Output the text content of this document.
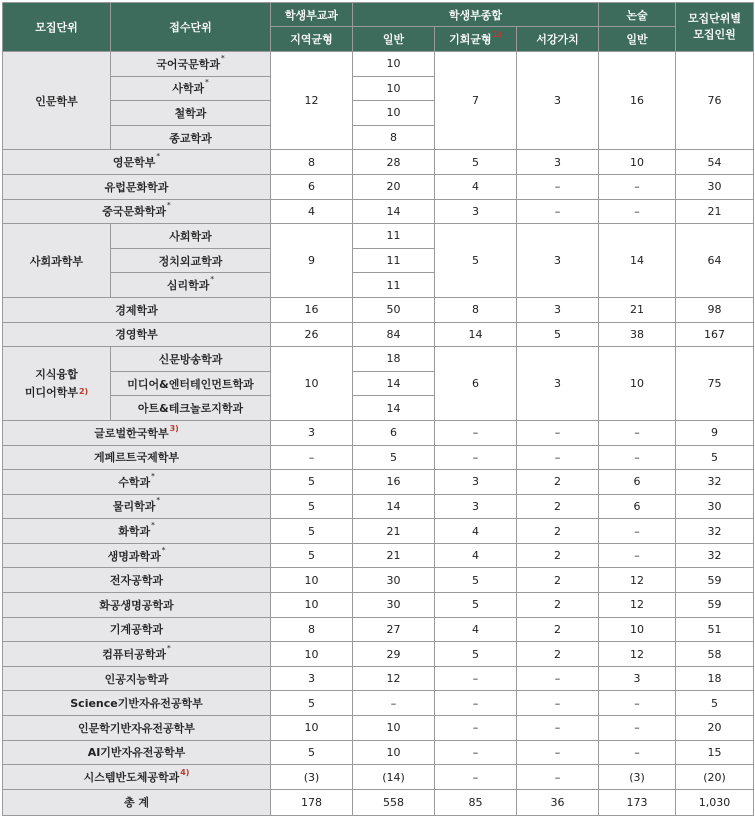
모집단위	접수단위	학생부교과	학생부종합			논술	모집단위별 모집인원
		지역균형	일반	기회균형$^{1)}$	서강가치	일반	
인문학부	국어국문학과*	12	10	7	3	16	76
	사학과*		10				
	철학과		10				
	종교학과		8				
영문학부*		8	28	5	3	10	54
유럽문화학과		6	20	4	–	–	30
중국문화학과*		4	14	3	–	–	21
사회과학부	사회학과	9	11	5	3	14	64
	정치외교학과		11				
	심리학과*		11				
경제학과		16	50	8	3	21	98
경영학부		26	84	14	5	38	167
지식융합
미디어학부$^{2)}$	신문방송학과	10	18	6	3	10	75
	미디어&엔터테인먼트학과		14				
	아트&테크놀로지학과		14				
글로벌한국학부$^{3)}$		3	6	–	–	–	9
게페르트국제학부		–	5	–	–	–	5
수학과*		5	16	3	2	6	32
물리학과*		5	14	3	2	6	30
화학과*		5	21	4	2	–	32
생명과학과*		5	21	4	2	–	32
전자공학과		10	30	5	2	12	59
화공생명공학과		10	30	5	2	12	59
기계공학과		8	27	4	2	10	51
컴퓨터공학과*		10	29	5	2	12	58
인공지능학과		3	12	–	–	3	18
Science기반자유전공학부		5	–	–	–	–	5
인문학기반자유전공학부		10	10	–	–	–	20
AI기반자유전공학부		5	10	–	–	–	15
시스템반도체공학과$^{4)}$		(3)	(14)	–	–	(3)	(20)
총 계		178	558	85	36	173	1,030
